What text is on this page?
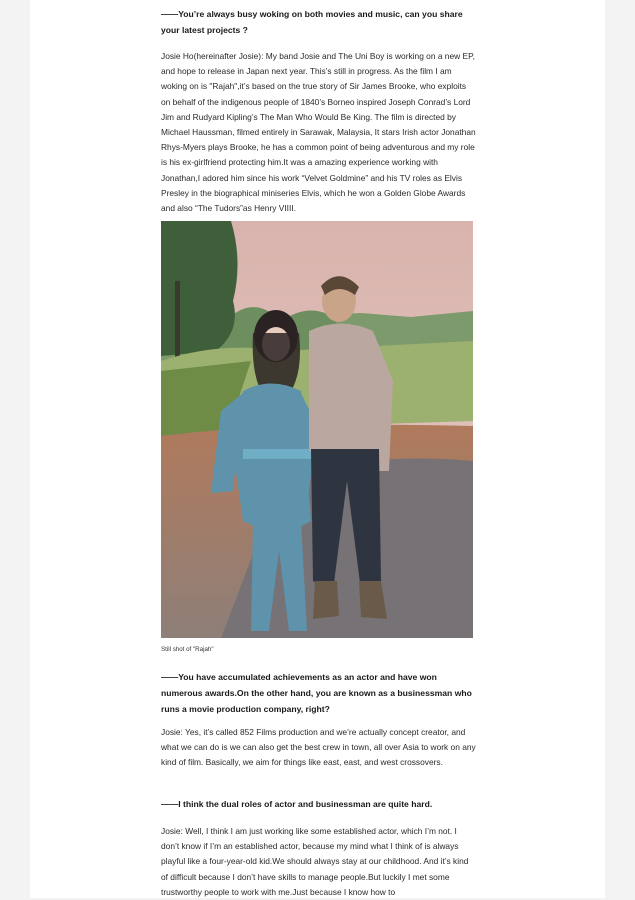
——You’re always busy woking on both movies and music, can you share your latest projects ?
Josie Ho(hereinafter Josie): My band Josie and The Uni Boy is working on a new EP, and hope to release in Japan next year. This’s still in progress. As the film I am woking on is "Rajah",it’s based on the true story of Sir James Brooke, who exploits on behalf of the indigenous people of 1840’s Borneo inspired Joseph Conrad’s Lord Jim and Rudyard Kipling’s The Man Who Would Be King. The film is directed by Michael Haussman, filmed entirely in Sarawak, Malaysia, It stars Irish actor Jonathan Rhys-Myers plays Brooke, he has a common point of being adventurous and my role is his ex-girlfriend protecting him.It was a amazing experience working with Jonathan,I adored him since his work “Velvet Goldmine” and his TV roles as Elvis Presley in the biographical miniseries Elvis, which he won a Golden Globe Awards and also “The Tudors”as Henry VIIII.
Still shot of "Rajah"
——You have accumulated achievements as an actor and have won numerous awards.On the other hand, you are known as a businessman who runs a movie production company, right?
Josie: Yes, it’s called 852 Films production and we’re actually concept creator, and what we can do is we can also get the best crew in town, all over Asia to work on any kind of film. Basically, we aim for things like east, east, and west crossovers.
——I think the dual roles of actor and businessman are quite hard.
Josie: Well, I think I am just working like some established actor, which I’m not. I don’t know if I’m an established actor, because my mind what I think of is always playful like a four-year-old kid.We should always stay at our childhood. And it’s kind of difficult because I don’t have skills to manage people.But luckily I met some trustworthy people to work with me.Just because I know how to
